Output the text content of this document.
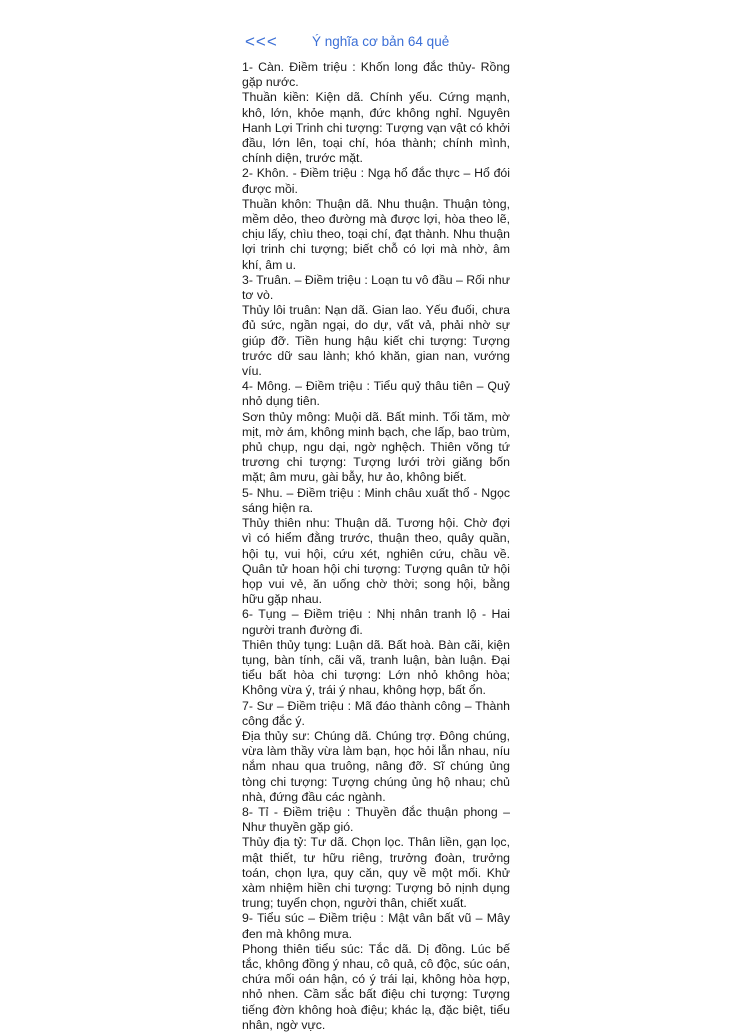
<<<	Ý nghĩa cơ bản 64 quẻ

1- Càn. Điềm triệu : Khốn long đắc thủy- Rồng gặp nước.

Thuần kiền: Kiện dã. Chính yếu. Cứng mạnh, khô, lớn, khỏe mạnh, đức không nghỉ. Nguyên Hanh Lợi Trinh chi tượng: Tượng vạn vật có khởi đầu, lớn lên, toại chí, hóa thành; chính mình, chính diện, trước mặt.

2- Khôn. - Điềm triệu : Ngạ hổ đắc thực – Hổ đói được mồi.

Thuần khôn: Thuận dã. Nhu thuận. Thuận tòng, mềm dẻo, theo đường mà được lợi, hòa theo lẽ, chịu lấy, chìu theo, toại chí, đạt thành. Nhu thuận lợi trinh chi tượng; biết chỗ có lợi mà nhờ, âm khí, âm u.

3- Truân. – Điềm triệu : Loạn tu vô đầu – Rối như tơ vò.

Thủy lôi truân: Nạn dã. Gian lao. Yếu đuối, chưa đủ sức, ngần ngại, do dự, vất vả, phải nhờ sự giúp đỡ. Tiền hung hậu kiết chi tượng: Tượng trước dữ sau lành; khó khăn, gian nan, vướng víu.

4- Mông. – Điềm triệu : Tiểu quỷ thâu tiên – Quỷ nhỏ dụng tiên.

Sơn thủy mông: Muội dã. Bất minh. Tối tăm, mờ mịt, mờ ám, không minh bạch, che lấp, bao trùm, phủ chụp, ngu dại, ngờ nghệch. Thiên võng tứ trương chi tượng: Tượng lưới trời giăng bốn mặt; âm mưu, gài bẫy, hư ảo, không biết.

5- Nhu. – Điềm triệu : Minh châu xuất thổ - Ngọc sáng hiện ra.

Thủy thiên nhu: Thuận dã. Tương hội. Chờ đợi vì có hiểm đằng trước, thuận theo, quây quần, hội tụ, vui hội, cứu xét, nghiên cứu, chầu về. Quân tử hoan hội chi tượng: Tượng quân tử hội họp vui vẻ, ăn uống chờ thời; song hội, bằng hữu gặp nhau.

6- Tụng – Điềm triệu : Nhị nhân tranh lộ - Hai người tranh đường đi.

Thiên thủy tụng: Luận dã. Bất hoà. Bàn cãi, kiện tụng, bàn tính, cãi vã, tranh luận, bàn luận. Đại tiểu bất hòa chi tượng: Lớn nhỏ không hòa; Không vừa ý, trái ý nhau, không hợp, bất ổn.

7- Sư – Điềm triệu : Mã đáo thành công – Thành công đắc ý.

Địa thủy sư: Chúng dã. Chúng trợ. Đông chúng, vừa làm thầy vừa làm bạn, học hỏi lẫn nhau, níu nắm nhau qua truông, nâng đỡ. Sĩ chúng ủng tòng chi tượng: Tượng chúng ủng hộ nhau; chủ nhà, đứng đầu các ngành.

8- Tỉ - Điềm triệu : Thuyền đắc thuận phong – Như thuyền gặp gió.

Thủy địa tỷ: Tư dã. Chọn lọc. Thân liền, gạn lọc, mật thiết, tư hữu riêng, trưởng đoàn, trưởng toán, chọn lựa, quy căn, quy về một mối. Khử xàm nhiệm hiền chi tượng: Tượng bỏ nịnh dụng trung; tuyển chọn, người thân, chiết xuất.

9- Tiểu súc – Điềm triệu : Mật vân bất vũ – Mây đen mà không mưa.

Phong thiên tiểu súc: Tắc dã. Dị đồng. Lúc bế tắc, không đồng ý nhau, cô quả, cô độc, súc oán, chứa mối oán hận, có ý trái lại, không hòa hợp, nhỏ nhen. Cầm sắc bất điệu chi tượng: Tượng tiếng đờn không hoà điệu; khác lạ, đặc biệt, tiểu nhân, ngờ vực.
